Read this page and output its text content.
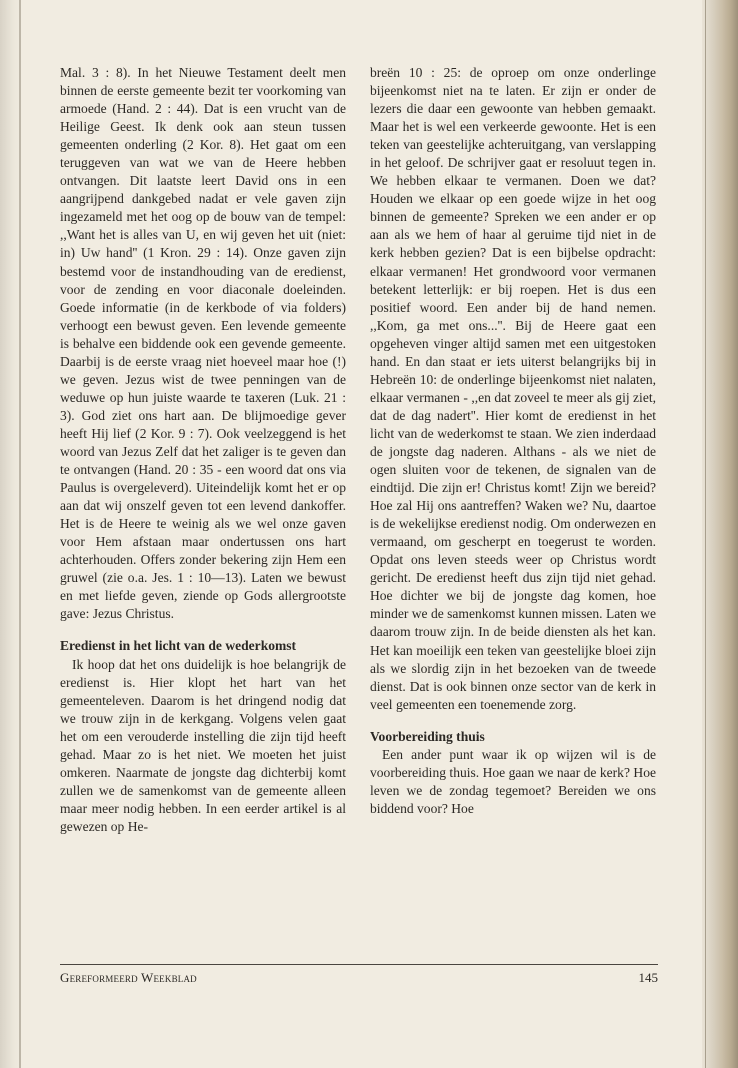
Mal. 3 : 8). In het Nieuwe Testament deelt men binnen de eerste gemeente bezit ter voorkoming van armoede (Hand. 2 : 44). Dat is een vrucht van de Heilige Geest. Ik denk ook aan steun tussen gemeenten onderling (2 Kor. 8). Het gaat om een teruggeven van wat we van de Heere hebben ontvangen. Dit laatste leert David ons in een aangrijpend dankgebed nadat er vele gaven zijn ingezameld met het oog op de bouw van de tempel: ,,Want het is alles van U, en wij geven het uit (niet: in) Uw hand'' (1 Kron. 29 : 14). Onze gaven zijn bestemd voor de instandhouding van de eredienst, voor de zending en voor diaconale doeleinden. Goede informatie (in de kerkbode of via folders) verhoogt een bewust geven. Een levende gemeente is behalve een biddende ook een gevende gemeente. Daarbij is de eerste vraag niet hoeveel maar hoe (!) we geven. Jezus wist de twee penningen van de weduwe op hun juiste waarde te taxeren (Luk. 21 : 3). God ziet ons hart aan. De blijmoedige gever heeft Hij lief (2 Kor. 9 : 7). Ook veelzeggend is het woord van Jezus Zelf dat het zaliger is te geven dan te ontvangen (Hand. 20 : 35 - een woord dat ons via Paulus is overgeleverd). Uiteindelijk komt het er op aan dat wij onszelf geven tot een levend dankoffer. Het is de Heere te weinig als we wel onze gaven voor Hem afstaan maar ondertussen ons hart achterhouden. Offers zonder bekering zijn Hem een gruwel (zie o.a. Jes. 1 : 10—13). Laten we bewust en met liefde geven, ziende op Gods allergrootste gave: Jezus Christus.

Eredienst in het licht van de wederkomst

Ik hoop dat het ons duidelijk is hoe belangrijk de eredienst is. Hier klopt het hart van het gemeenteleven. Daarom is het dringend nodig dat we trouw zijn in de kerkgang. Volgens velen gaat het om een verouderde instelling die zijn tijd heeft gehad. Maar zo is het niet. We moeten het juist omkeren. Naarmate de jongste dag dichterbij komt zullen we de samenkomst van de gemeente alleen maar meer nodig hebben. In een eerder artikel is al gewezen op He-

breën 10 : 25: de oproep om onze onderlinge bijeenkomst niet na te laten. Er zijn er onder de lezers die daar een gewoonte van hebben gemaakt. Maar het is wel een verkeerde gewoonte. Het is een teken van geestelijke achteruitgang, van verslapping in het geloof. De schrijver gaat er resoluut tegen in. We hebben elkaar te vermanen. Doen we dat? Houden we elkaar op een goede wijze in het oog binnen de gemeente? Spreken we een ander er op aan als we hem of haar al geruime tijd niet in de kerk hebben gezien? Dat is een bijbelse opdracht: elkaar vermanen! Het grondwoord voor vermanen betekent letterlijk: er bij roepen. Het is dus een positief woord. Een ander bij de hand nemen. ,,Kom, ga met ons...''. Bij de Heere gaat een opgeheven vinger altijd samen met een uitgestoken hand. En dan staat er iets uiterst belangrijks bij in Hebreën 10: de onderlinge bijeenkomst niet nalaten, elkaar vermanen - ,,en dat zoveel te meer als gij ziet, dat de dag nadert''. Hier komt de eredienst in het licht van de wederkomst te staan. We zien inderdaad de jongste dag naderen. Althans - als we niet de ogen sluiten voor de tekenen, de signalen van de eindtijd. Die zijn er! Christus komt! Zijn we bereid? Hoe zal Hij ons aantreffen? Waken we? Nu, daartoe is de wekelijkse eredienst nodig. Om onderwezen en vermaand, om gescherpt en toegerust te worden. Opdat ons leven steeds weer op Christus wordt gericht. De eredienst heeft dus zijn tijd niet gehad. Hoe dichter we bij de jongste dag komen, hoe minder we de samenkomst kunnen missen. Laten we daarom trouw zijn. In de beide diensten als het kan. Het kan moeilijk een teken van geestelijke bloei zijn als we slordig zijn in het bezoeken van de tweede dienst. Dat is ook binnen onze sector van de kerk in veel gemeenten een toenemende zorg.

Voorbereiding thuis

Een ander punt waar ik op wijzen wil is de voorbereiding thuis. Hoe gaan we naar de kerk? Hoe leven we de zondag tegemoet? Bereiden we ons biddend voor? Hoe

Gereformeerd Weekblad	145
